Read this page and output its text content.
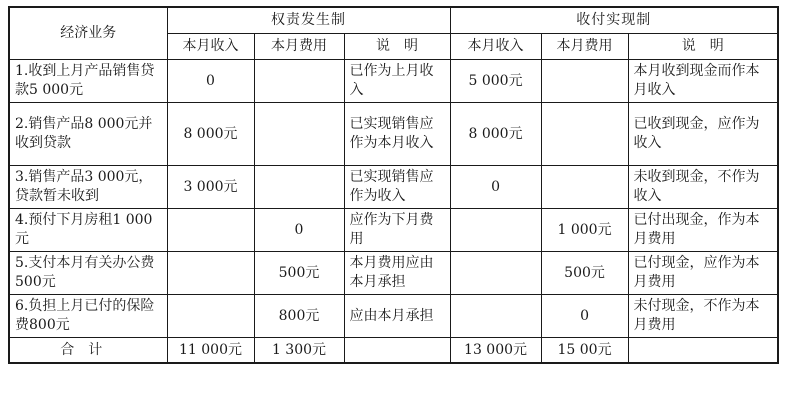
经济业务	权责发生制			收付实现制		
	本月收入	本月费用	说　明	本月收入	本月费用	说　明
1.收到上月产品销售贷款5 000元	0		已作为上月收入	5 000元		本月收到现金而作本月收入
2.销售产品8 000元并收到贷款	8 000元		已实现销售应作为本月收入	8 000元		已收到现金，应作为收入
3.销售产品3 000元，贷款暂未收到	3 000元		已实现销售应作为收入	0		未收到现金，不作为收入
4.预付下月房租1 000元		0	应作为下月费用		1 000元	已付出现金，作为本月费用
5.支付本月有关办公费500元		500元	本月费用应由本月承担		500元	已付现金，应作为本月费用
6.负担上月已付的保险费800元		800元	应由本月承担		0	未付现金，不作为本月费用
合计	11 000元	1 300元		13 000元	15 00元	
